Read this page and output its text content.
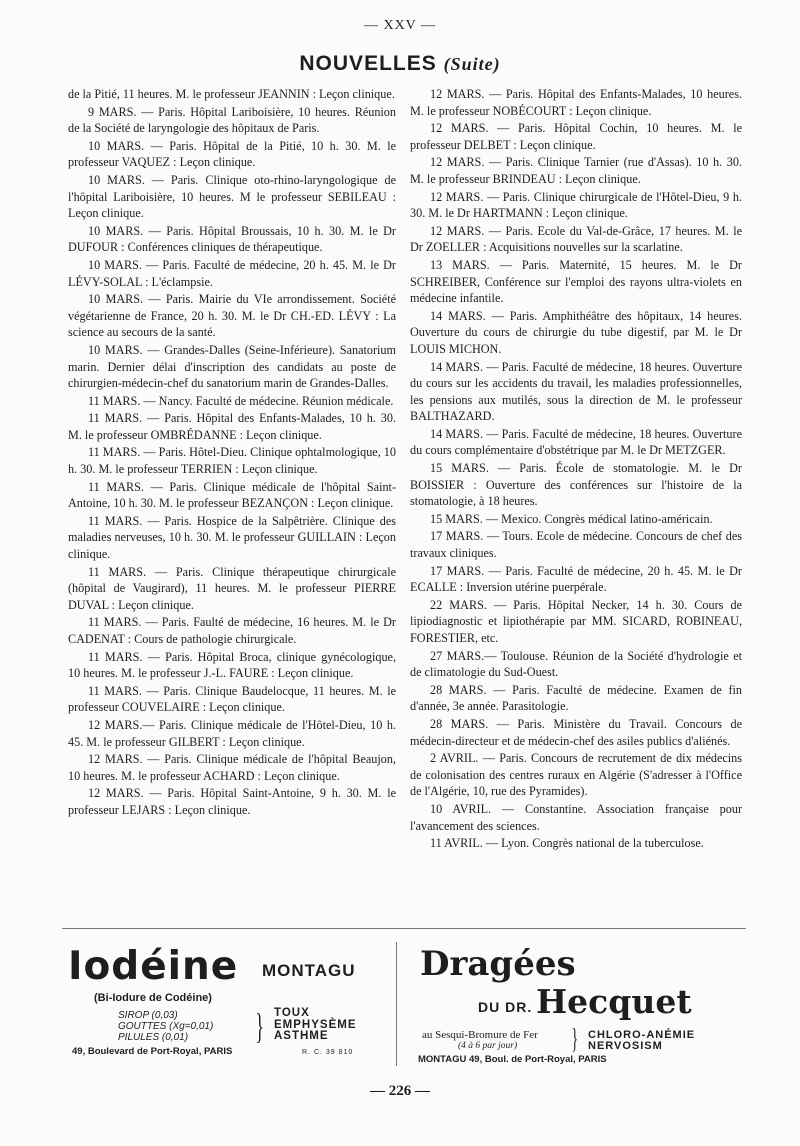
— XXV —
NOUVELLES (Suite)

de la Pitié, 11 heures. M. le professeur JEANNIN : Leçon clinique.

9 MARS. — Paris. Hôpital Lariboisière, 10 heures. Réunion de la Société de laryngologie des hôpitaux de Paris.

10 MARS. — Paris. Hôpital de la Pitié, 10 h. 30. M. le professeur VAQUEZ : Leçon clinique.

10 MARS. — Paris. Clinique oto-rhino-laryngologique de l'hôpital Lariboisière, 10 heures. M le professeur SEBILEAU : Leçon clinique.

10 MARS. — Paris. Hôpital Broussais, 10 h. 30. M. le Dr DUFOUR : Conférences cliniques de thérapeutique.

10 MARS. — Paris. Faculté de médecine, 20 h. 45. M. le Dr LÉVY-SOLAL : L'éclampsie.

10 MARS. — Paris. Mairie du VIe arrondissement. Société végétarienne de France, 20 h. 30. M. le Dr CH.-ED. LÉVY : La science au secours de la santé.

10 MARS. — Grandes-Dalles (Seine-Inférieure). Sanatorium marin. Dernier délai d'inscription des candidats au poste de chirurgien-médecin-chef du sanatorium marin de Grandes-Dalles.

11 MARS. — Nancy. Faculté de médecine. Réunion médicale.

11 MARS. — Paris. Hôpital des Enfants-Malades, 10 h. 30. M. le professeur OMBRÉDANNE : Leçon clinique.

11 MARS. — Paris. Hôtel-Dieu. Clinique ophtalmologique, 10 h. 30. M. le professeur TERRIEN : Leçon clinique.

11 MARS. — Paris. Clinique médicale de l'hôpital Saint-Antoine, 10 h. 30. M. le professeur BEZANÇON : Leçon clinique.

11 MARS. — Paris. Hospice de la Salpêtrière. Clinique des maladies nerveuses, 10 h. 30. M. le professeur GUILLAIN : Leçon clinique.

11 MARS. — Paris. Clinique thérapeutique chirurgicale (hôpital de Vaugirard), 11 heures. M. le professeur PIERRE DUVAL : Leçon clinique.

11 MARS. — Paris. Faulté de médecine, 16 heures. M. le Dr CADENAT : Cours de pathologie chirurgicale.

11 MARS. — Paris. Hôpital Broca, clinique gynécologique, 10 heures. M. le professeur J.-L. FAURE : Leçon clinique.

11 MARS. — Paris. Clinique Baudelocque, 11 heures. M. le professeur COUVELAIRE : Leçon clinique.

12 MARS.— Paris. Clinique médicale de l'Hôtel-Dieu, 10 h. 45. M. le professeur GILBERT : Leçon clinique.

12 MARS. — Paris. Clinique médicale de l'hôpital Beaujon, 10 heures. M. le professeur ACHARD : Leçon clinique.

12 MARS. — Paris. Hôpital Saint-Antoine, 9 h. 30. M. le professeur LEJARS : Leçon clinique.

12 MARS. — Paris. Hôpital des Enfants-Malades, 10 heures. M. le professeur NOBÉCOURT : Leçon clinique.

12 MARS. — Paris. Hôpital Cochin, 10 heures. M. le professeur DELBET : Leçon clinique.

12 MARS. — Paris. Clinique Tarnier (rue d'Assas). 10 h. 30. M. le professeur BRINDEAU : Leçon clinique.

12 MARS. — Paris. Clinique chirurgicale de l'Hôtel-Dieu, 9 h. 30. M. le Dr HARTMANN : Leçon clinique.

12 MARS. — Paris. Ecole du Val-de-Grâce, 17 heures. M. le Dr ZOELLER : Acquisitions nouvelles sur la scarlatine.

13 MARS. — Paris. Maternité, 15 heures. M. le Dr SCHREIBER, Conférence sur l'emploi des rayons ultra-violets en médecine infantile.

14 MARS. — Paris. Amphithéâtre des hôpitaux, 14 heures. Ouverture du cours de chirurgie du tube digestif, par M. le Dr LOUIS MICHON.

14 MARS. — Paris. Faculté de médecine, 18 heures. Ouverture du cours sur les accidents du travail, les maladies professionnelles, les pensions aux mutilés, sous la direction de M. le professeur BALTHAZARD.

14 MARS. — Paris. Faculté de médecine, 18 heures. Ouverture du cours complémentaire d'obstétrique par M. le Dr METZGER.

15 MARS. — Paris. École de stomatologie. M. le Dr BOISSIER : Ouverture des conférences sur l'histoire de la stomatologie, à 18 heures.

15 MARS. — Mexico. Congrès médical latino-américain.

17 MARS. — Tours. Ecole de médecine. Concours de chef des travaux cliniques.

17 MARS. — Paris. Faculté de médecine, 20 h. 45. M. le Dr ECALLE : Inversion utérine puerpérale.

22 MARS. — Paris. Hôpital Necker, 14 h. 30. Cours de lipiodiagnostic et lipiothérapie par MM. SICARD, ROBINEAU, FORESTIER, etc.

27 MARS.— Toulouse. Réunion de la Société d'hydrologie et de climatologie du Sud-Ouest.

28 MARS. — Paris. Faculté de médecine. Examen de fin d'année, 3e année. Parasitologie.

28 MARS. — Paris. Ministère du Travail. Concours de médecin-directeur et de médecin-chef des asiles publics d'aliénés.

2 AVRIL. — Paris. Concours de recrutement de dix médecins de colonisation des centres ruraux en Algérie (S'adresser à l'Office de l'Algérie, 10, rue des Pyramides).

10 AVRIL. — Constantine. Association française pour l'avancement des sciences.

11 AVRIL. — Lyon. Congrès national de la tuberculose.

Iodéine MONTAGU
(Bi-Iodure de Codéine)
SIROP (0,03)
GOUTTES (Xg=0,01)
PILULES (0,01)	} TOUX
EMPHYSÈME
ASTHME
49, Boulevard de Port-Royal, PARIS	R. C. 39 810
Dragées
DU DR. Hecquet
au Sesqui-Bromure de Fer
(4 à 6 par jour)	} CHLORO-ANÉMIE
NERVOSISM
MONTAGU 49, Boul. de Port-Royal, PARIS
— 226 —
